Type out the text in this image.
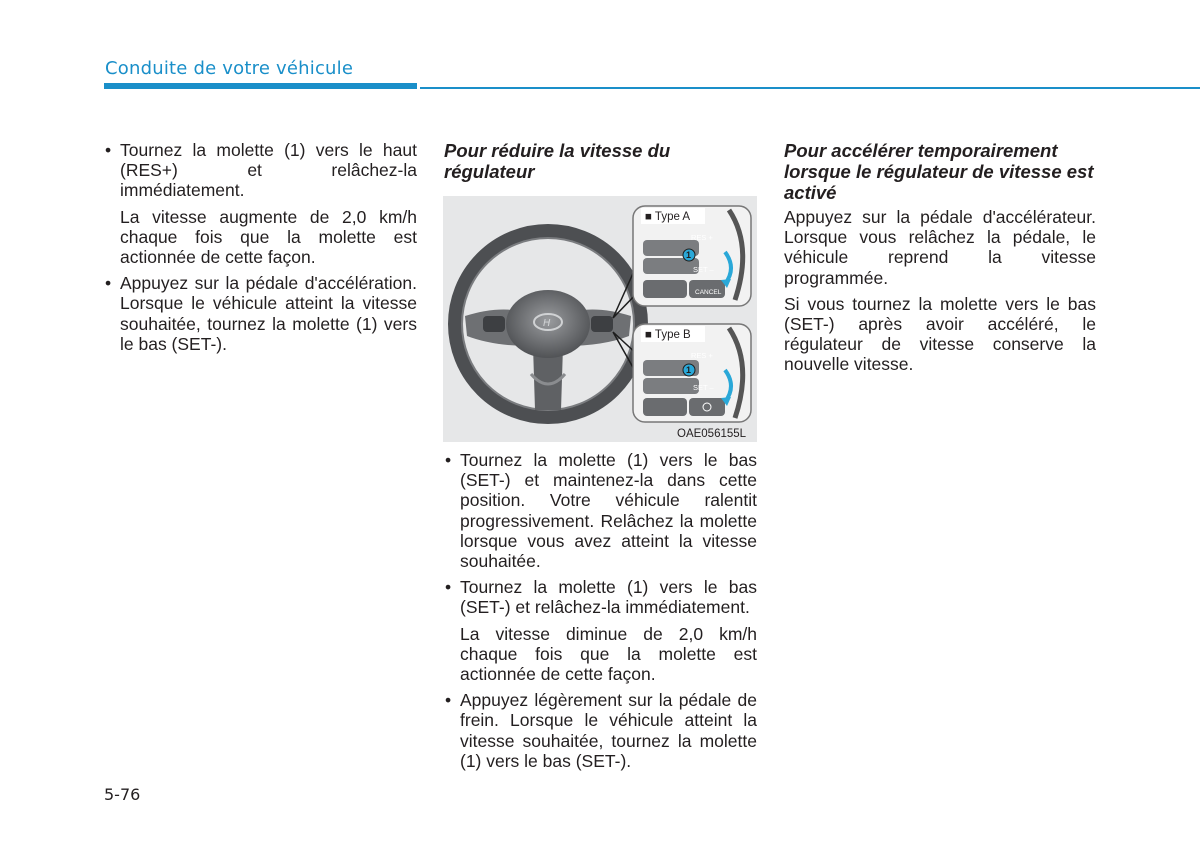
Conduite de votre véhicule
• Tournez la molette (1) vers le haut (RES+) et relâchez-la immédiatement.

La vitesse augmente de 2,0 km/h chaque fois que la molette est actionnée de cette façon.

• Appuyez sur la pédale d'accélération. Lorsque le véhicule atteint la vitesse souhaitée, tournez la molette (1) vers le bas (SET-).
Pour réduire la vitesse du régulateur
H
■ Type A
RES +
SET –
CANCEL
1
■ Type B
RES +
SET –
1
OAE056155L
• Tournez la molette (1) vers le bas (SET-) et maintenez-la dans cette position. Votre véhicule ralentit progressivement. Relâchez la molette lorsque vous avez atteint la vitesse souhaitée.
• Tournez la molette (1) vers le bas (SET-) et relâchez-la immédiatement.

La vitesse diminue de 2,0 km/h chaque fois que la molette est actionnée de cette façon.

• Appuyez légèrement sur la pédale de frein. Lorsque le véhicule atteint la vitesse souhaitée, tournez la molette (1) vers le bas (SET-).
Pour accélérer temporairement lorsque le régulateur de vitesse est activé

Appuyez sur la pédale d'accélérateur. Lorsque vous relâchez la pédale, le véhicule reprend la vitesse programmée.

Si vous tournez la molette vers le bas (SET-) après avoir accéléré, le régulateur de vitesse conserve la nouvelle vitesse.

5-76
